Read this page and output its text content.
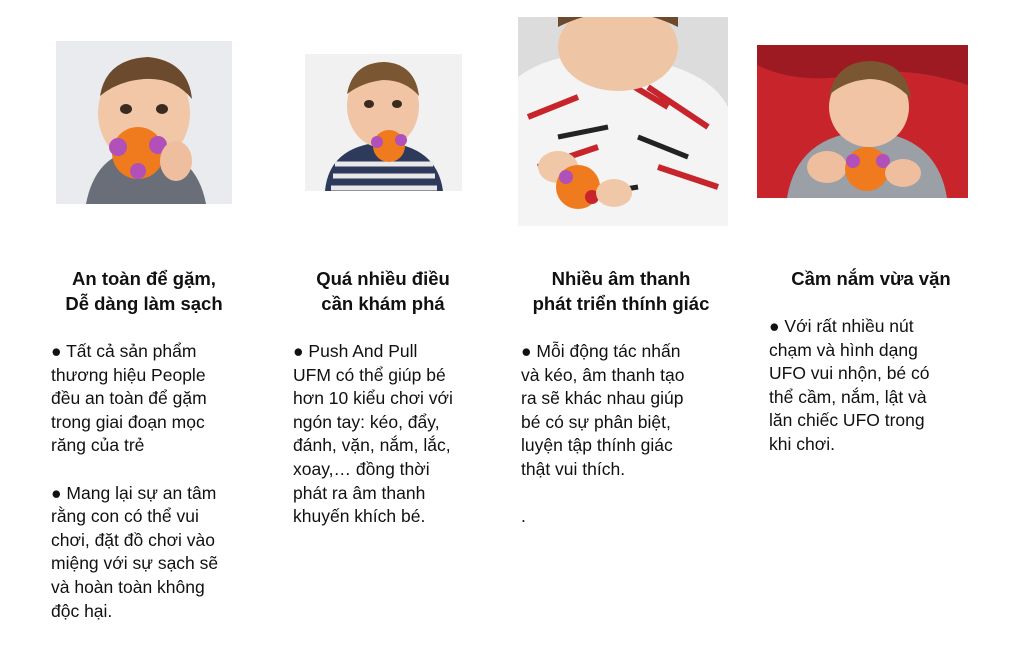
An toàn để gặm,
Dễ dàng làm sạch
● Tất cả sản phẩm
thương hiệu People
đều an toàn để gặm
trong giai đoạn mọc
răng của trẻ
● Mang lại sự an tâm
rằng con có thể vui
chơi, đặt đồ chơi vào
miệng với sự sạch sẽ
và hoàn toàn không
độc hại.
Quá nhiều điều
cần khám phá
● Push And Pull
UFM có thể giúp bé
hơn 10 kiểu chơi với
ngón tay: kéo, đẩy,
đánh, vặn, nắm, lắc,
xoay,… đồng thời
phát ra âm thanh
khuyến khích bé.
Nhiều âm thanh
phát triển thính giác
● Mỗi động tác nhấn
và kéo, âm thanh tạo
ra sẽ khác nhau giúp
bé có sự phân biệt,
luyện tập thính giác
thật vui thích.
.
Cầm nắm vừa vặn
● Với rất nhiều nút
chạm và hình dạng
UFO vui nhộn, bé có
thể cầm, nắm, lật và
lăn chiếc UFO trong
khi chơi.
